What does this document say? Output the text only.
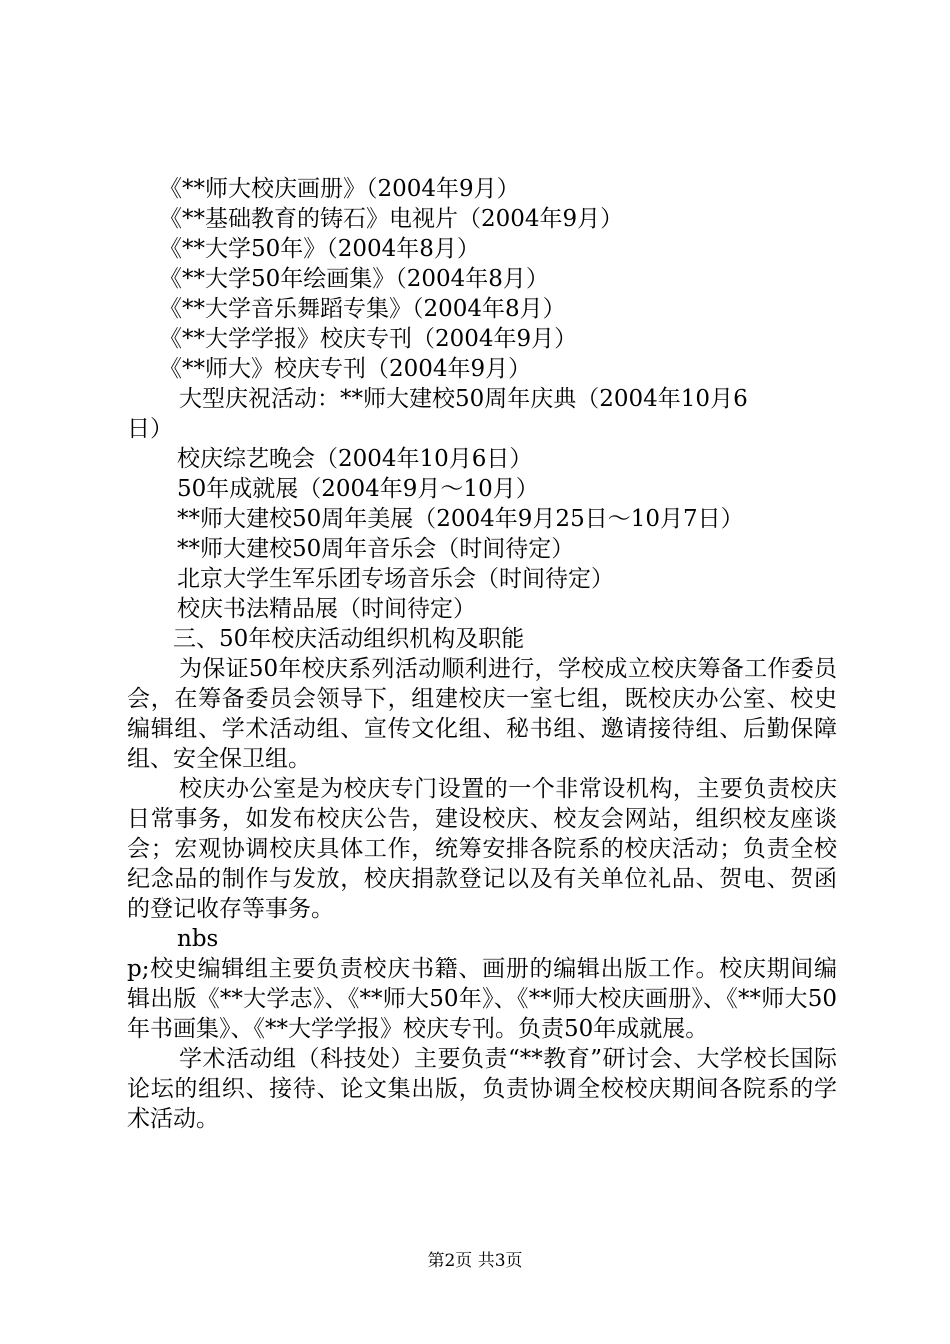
《**师大校庆画册》（2004年9月）
《**基础教育的铸石》电视片（2004年9月）
《**大学50年》（2004年8月）
《**大学50年绘画集》（2004年8月）
《**大学音乐舞蹈专集》（2004年8月）
《**大学学报》校庆专刊（2004年9月）
《**师大》校庆专刊（2004年9月）
大型庆祝活动：**师大建校50周年庆典（2004年10月6
日）
校庆综艺晚会（2004年10月6日）
50年成就展（2004年9月～10月）
**师大建校50周年美展（2004年9月25日～10月7日）
**师大建校50周年音乐会（时间待定）
北京大学生军乐团专场音乐会（时间待定）
校庆书法精品展（时间待定）
三、50年校庆活动组织机构及职能

为保证50年校庆系列活动顺利进行，学校成立校庆筹备工作委员会，在筹备委员会领导下，组建校庆一室七组，既校庆办公室、校史编辑组、学术活动组、宣传文化组、秘书组、邀请接待组、后勤保障组、安全保卫组。

校庆办公室是为校庆专门设置的一个非常设机构，主要负责校庆日常事务，如发布校庆公告，建设校庆、校友会网站，组织校友座谈会；宏观协调校庆具体工作，统筹安排各院系的校庆活动；负责全校纪念品的制作与发放，校庆捐款登记以及有关单位礼品、贺电、贺函的登记收存等事务。

nbs

p;校史编辑组主要负责校庆书籍、画册的编辑出版工作。校庆期间编辑出版《**大学志》、《**师大50年》、《**师大校庆画册》、《**师大50年书画集》、《**大学学报》校庆专刊。负责50年成就展。

学术活动组（科技处）主要负责“**教育”研讨会、大学校长国际论坛的组织、接待、论文集出版，负责协调全校校庆期间各院系的学术活动。

第2页 共3页
